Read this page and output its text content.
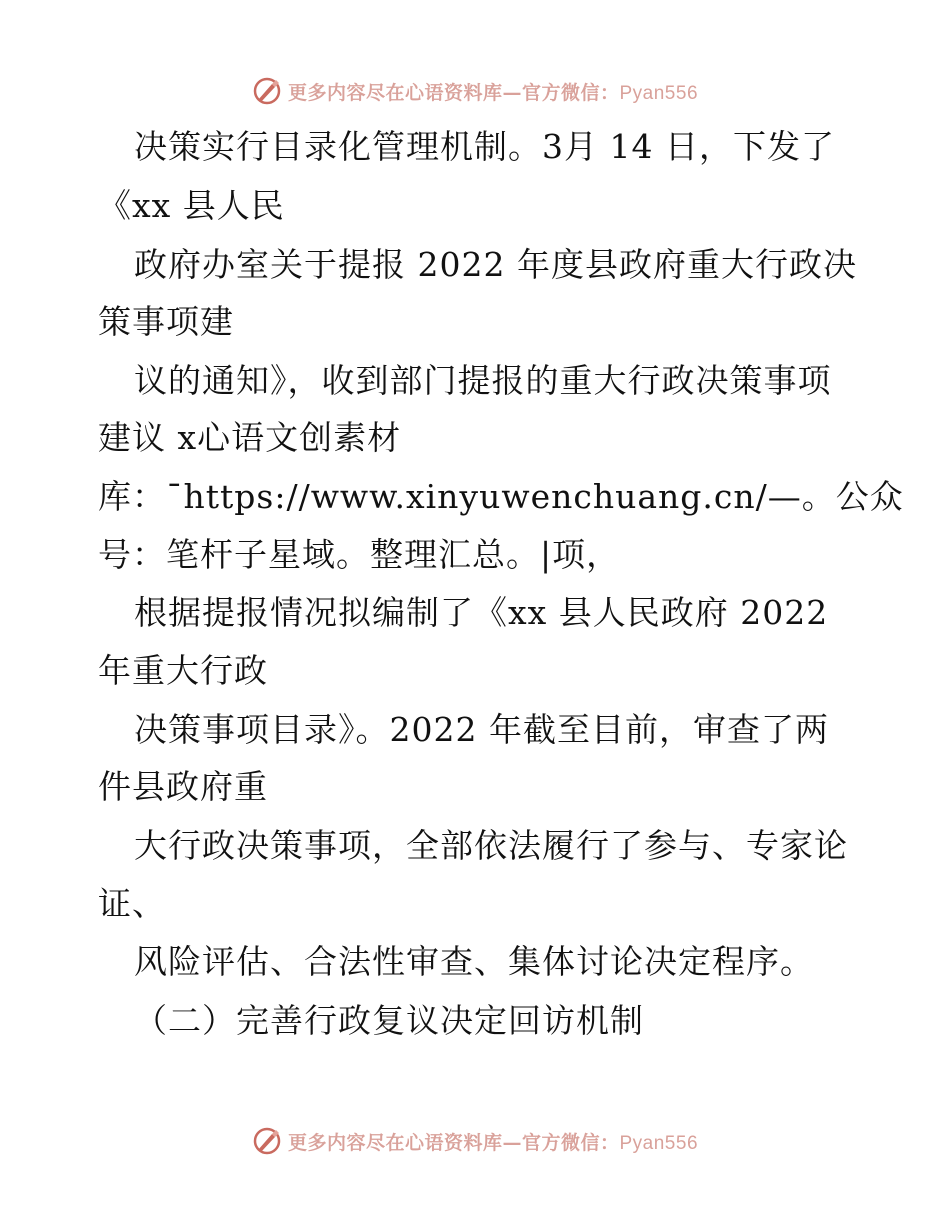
更多内容尽在心语资料库—官方微信：Pyan556
决策实行目录化管理机制。3月 14 日，下发了
《xx 县人民
政府办室关于提报 2022 年度县政府重大行政决
策事项建
议的通知》，收到部门提报的重大行政决策事项
建议 x心语文创素材
库：¯https://www.xinyuwenchuang.cn/—。公众
号：笔杆子星域。整理汇总。|项，
根据提报情况拟编制了《xx 县人民政府 2022
年重大行政
决策事项目录》。2022 年截至目前，审查了两
件县政府重
大行政决策事项，全部依法履行了参与、专家论
证、
风险评估、合法性审查、集体讨论决定程序。
（二）完善行政复议决定回访机制
更多内容尽在心语资料库—官方微信：Pyan556
